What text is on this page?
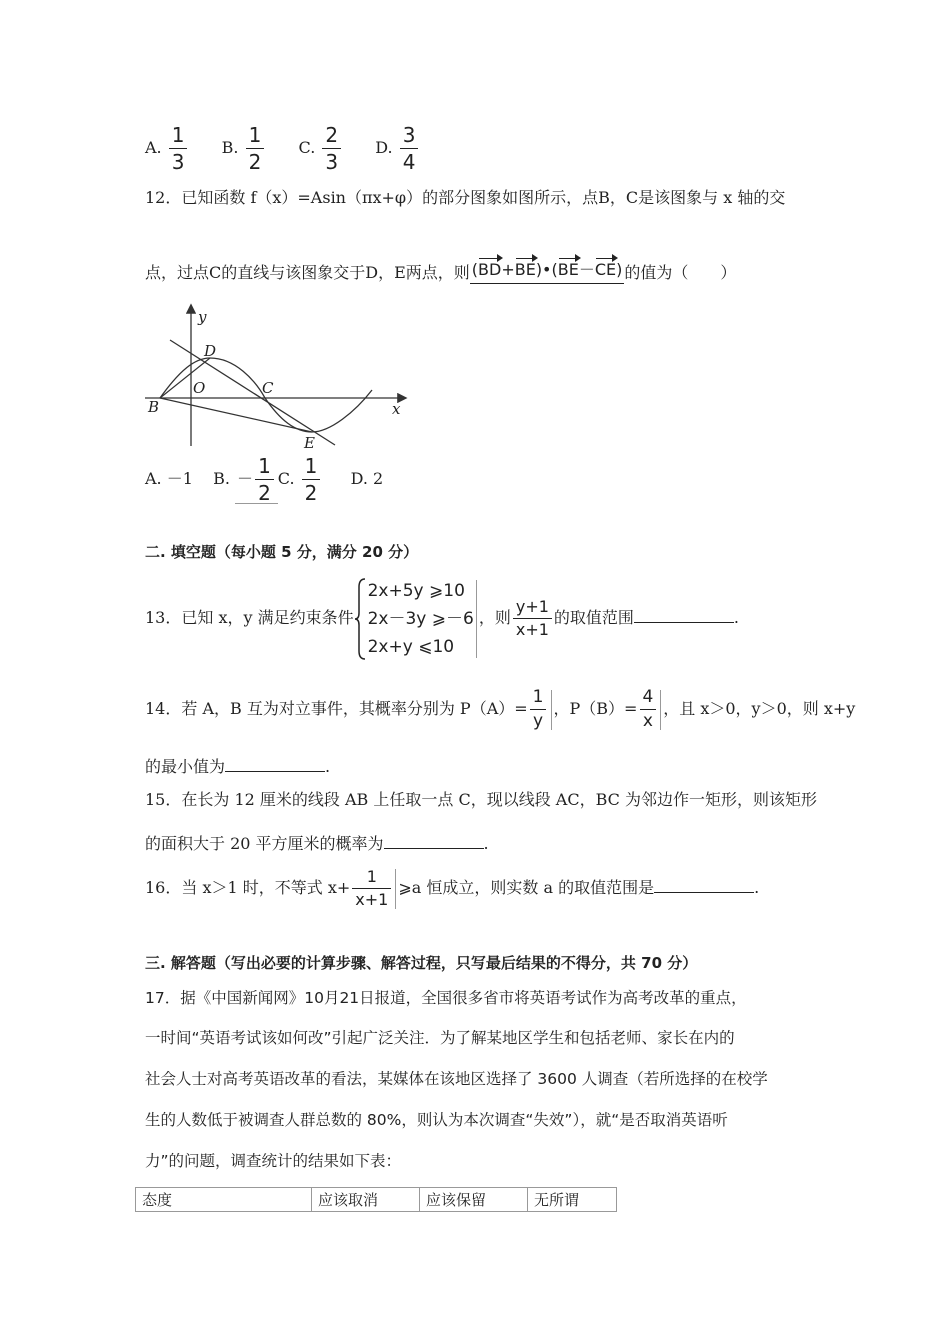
A. $\frac{1}{3} B$. $\frac{1}{2} C$. $\frac{2}{3} D$. $\frac{3}{4}$
12．已知函数 f（x）=Asin（πx+φ）的部分图象如图所示，点B，C是该图象与 x 轴的交
点，过点C的直线与该图象交于D，E两点，则 (BD+BE)•(BE－CE) 的值为（　　）
y
x
B
O
D
C
E
A. －1 B. － $\frac{1}{2} C$. $\frac{1}{2} D$. 2
二. 填空题（每小题 5 分，满分 20 分）
13．已知 x，y 满足约束条件
2x+5y ⩾10
2x－3y ⩾－6
2x+y ⩽10
，则 $\frac{y+1}{x+1}$ 的取值范围	.
14．若 A，B 互为对立事件，其概率分别为 $P(A)= \frac{1}{y}$ ，$P(B)= \frac{4}{x}$ ，且 x＞0，y＞0，则 x+y
的最小值为	.
15．在长为 12 厘米的线段 AB 上任取一点 C，现以线段 AC，BC 为邻边作一矩形，则该矩形
的面积大于 20 平方厘米的概率为	.
16．当 x＞1 时，不等式 $x+ \frac{1}{x+1}$ ⩾a 恒成立，则实数 a 的取值范围是	.
三. 解答题（写出必要的计算步骤、解答过程，只写最后结果的不得分，共 70 分）
17．据《中国新闻网》10月21日报道，全国很多省市将英语考试作为高考改革的重点，
一时间“英语考试该如何改”引起广泛关注．为了解某地区学生和包括老师、家长在内的
社会人士对高考英语改革的看法，某媒体在该地区选择了 3600 人调查（若所选择的在校学
生的人数低于被调查人群总数的 80%，则认为本次调查“失效”），就“是否取消英语听
力”的问题，调查统计的结果如下表：
态度	应该取消	应该保留	无所谓
